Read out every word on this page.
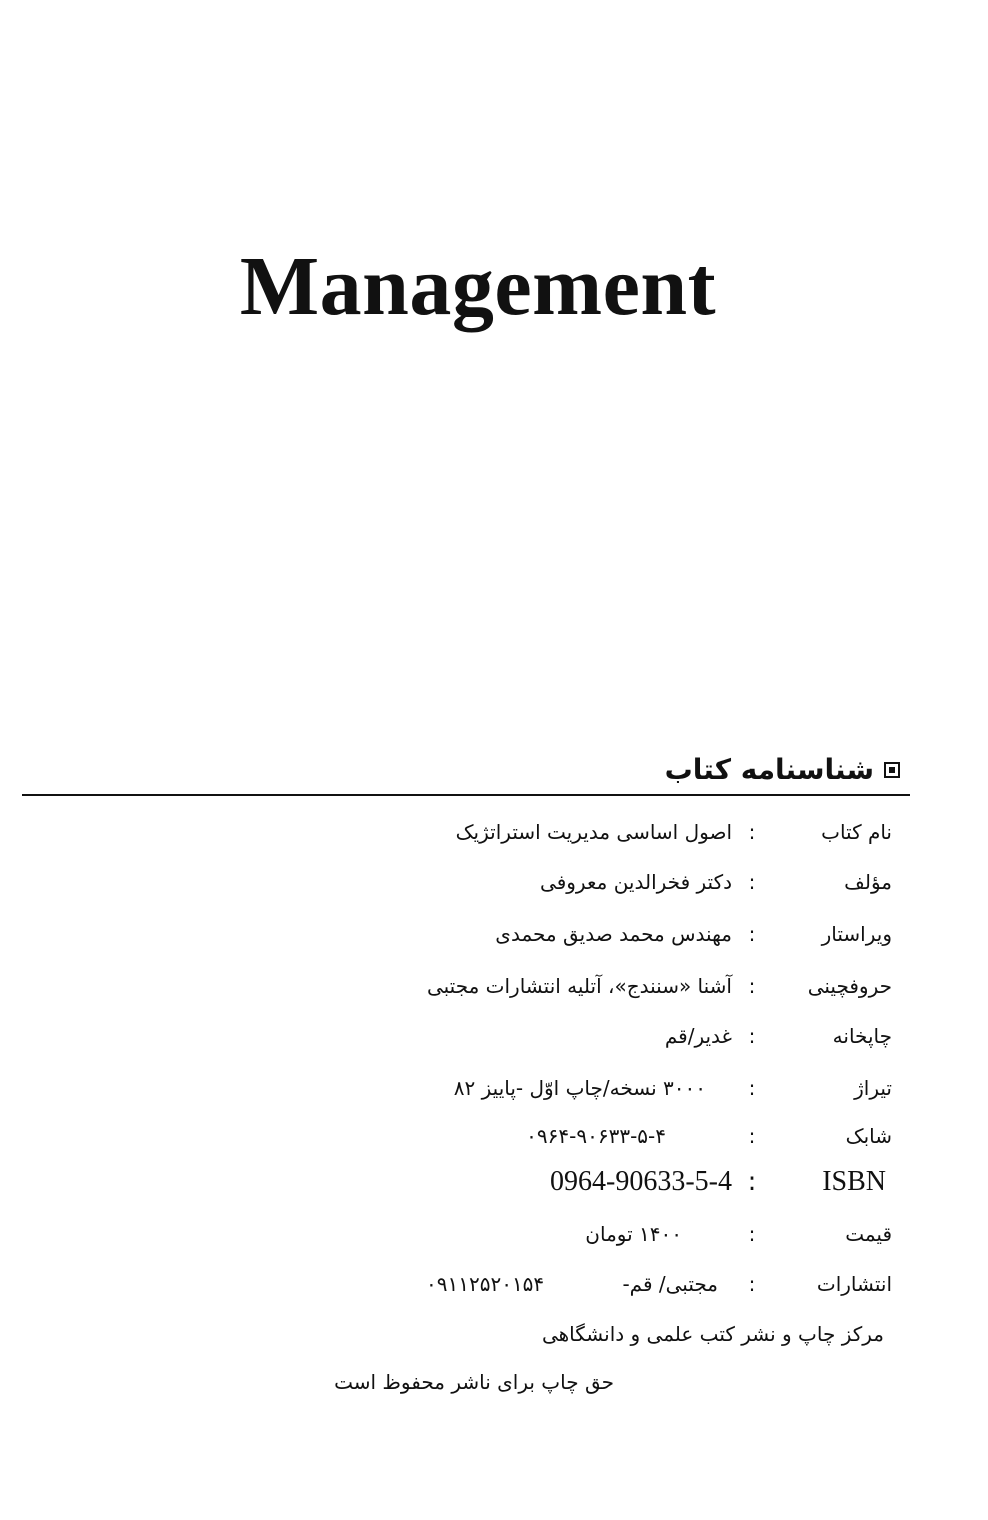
Management
شناسنامه کتاب
نام کتاب
:
اصول اساسی مدیریت استراتژیک
مؤلف
:
دکتر فخرالدین معروفی
ویراستار
:
مهندس محمد صدیق محمدی
حروفچینی
:
آشنا «سنندج»، آتلیه انتشارات مجتبی
چاپخانه
:
غدیر/قم
تیراژ
:
۳۰۰۰ نسخه/چاپ اوّل -پاییز ۸۲
شابک
:
۰۹۶۴-۹۰۶۳۳-۵-۴
ISBN
:
0964-90633-5-4
قیمت
:
۱۴۰۰ تومان
انتشارات
:
مجتبی/ قم-
۰۹۱۱۲۵۲۰۱۵۴
مرکز چاپ و نشر کتب علمی و دانشگاهی
حق چاپ برای ناشر محفوظ است
